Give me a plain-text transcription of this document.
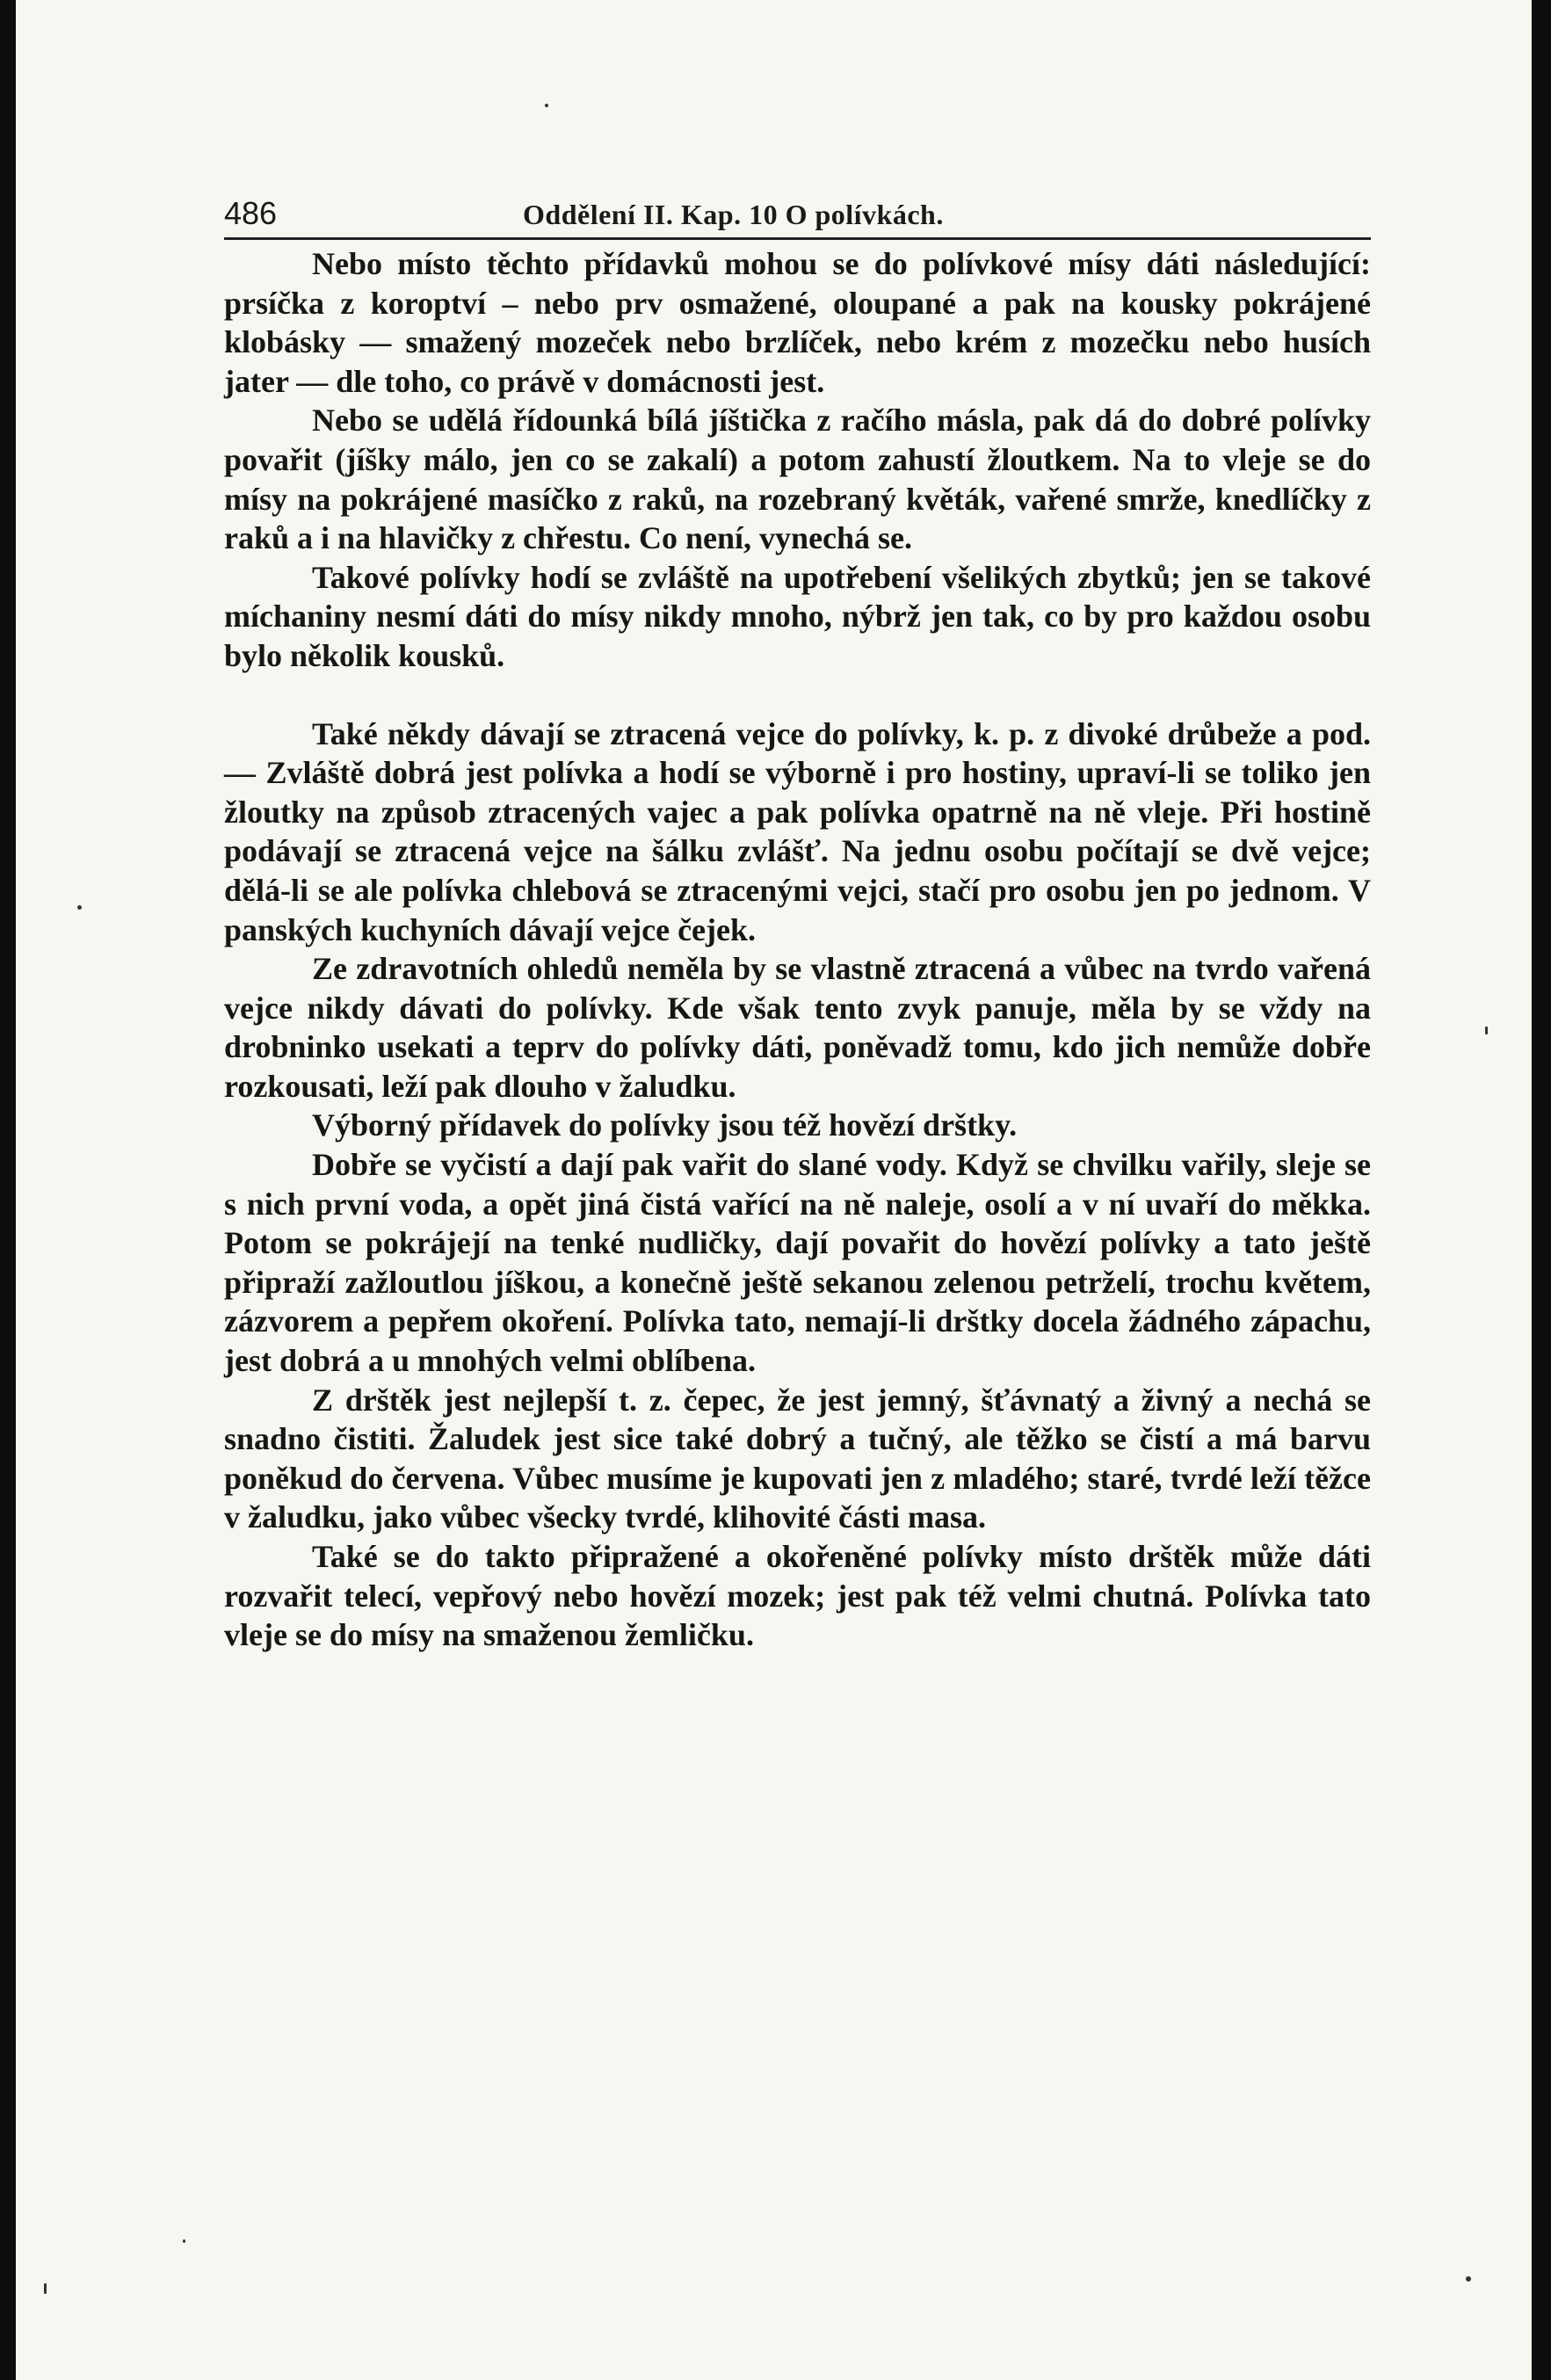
486	Oddělení II. Kap. 10 O polívkách.

Nebo místo těchto přídavků mohou se do polívkové mísy dáti následující: prsíčka z koroptví – nebo prv osmažené, oloupané a pak na kousky pokrájené klobásky — smažený mozeček nebo brzlíček, nebo krém z mozečku nebo husích jater — dle toho, co právě v domácnosti jest.

Nebo se udělá řídounká bílá jíštička z račího másla, pak dá do dobré polívky povařit (jíšky málo, jen co se zakalí) a potom zahustí žloutkem. Na to vleje se do mísy na pokrájené masíčko z raků, na rozebraný květák, vařené smrže, knedlíčky z raků a i na hlavičky z chřestu. Co není, vynechá se.

Takové polívky hodí se zvláště na upotřebení všelikých zbytků; jen se takové míchaniny nesmí dáti do mísy nikdy mnoho, nýbrž jen tak, co by pro každou osobu bylo několik kousků.

Také někdy dávají se ztracená vejce do polívky, k. p. z divoké drůbeže a pod. — Zvláště dobrá jest polívka a hodí se výborně i pro hostiny, upraví-li se toliko jen žloutky na způsob ztracených vajec a pak polívka opatrně na ně vleje. Při hostině podávají se ztracená vejce na šálku zvlášť. Na jednu osobu počítají se dvě vejce; dělá-li se ale polívka chlebová se ztracenými vejci, stačí pro osobu jen po jednom. V panských kuchyních dávají vejce čejek.

Ze zdravotních ohledů neměla by se vlastně ztracená a vůbec na tvrdo vařená vejce nikdy dávati do polívky. Kde však tento zvyk panuje, měla by se vždy na drobninko usekati a teprv do polívky dáti, poněvadž tomu, kdo jich nemůže dobře rozkousati, leží pak dlouho v žaludku.

Výborný přídavek do polívky jsou též hovězí drštky.

Dobře se vyčistí a dají pak vařit do slané vody. Když se chvilku vařily, sleje se s nich první voda, a opět jiná čistá vařící na ně naleje, osolí a v ní uvaří do měkka. Potom se pokrájejí na tenké nudličky, dají povařit do hovězí polívky a tato ještě připraží zažloutlou jíškou, a konečně ještě sekanou zelenou petrželí, trochu květem, zázvorem a pepřem okoření. Polívka tato, nemají-li drštky docela žádného zápachu, jest dobrá a u mnohých velmi oblíbena.

Z drštěk jest nejlepší t. z. čepec, že jest jemný, šťávnatý a živný a nechá se snadno čistiti. Žaludek jest sice také dobrý a tučný, ale těžko se čistí a má barvu poněkud do červena. Vůbec musíme je kupovati jen z mladého; staré, tvrdé leží těžce v žaludku, jako vůbec všecky tvrdé, klihovité části masa.

Také se do takto připražené a okořeněné polívky místo drštěk může dáti rozvařit telecí, vepřový nebo hovězí mozek; jest pak též velmi chutná. Polívka tato vleje se do mísy na smaženou žemličku.
